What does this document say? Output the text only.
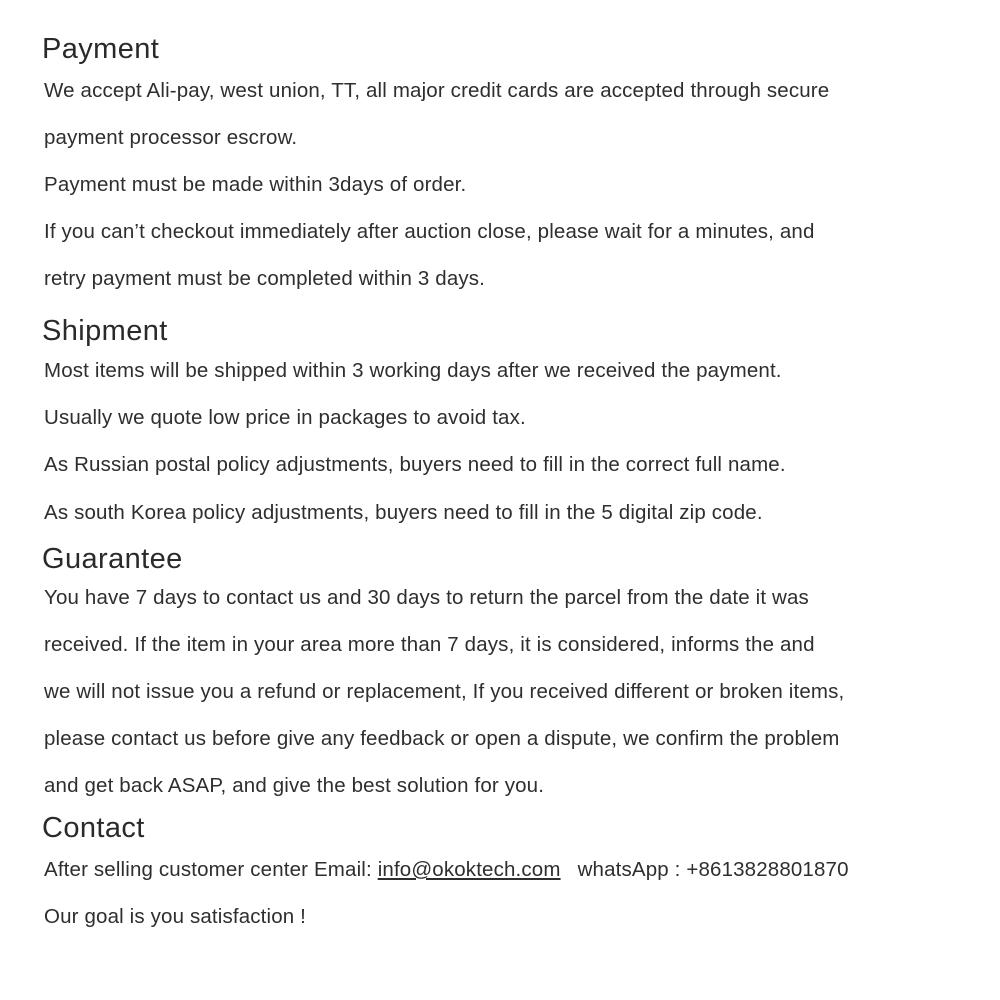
Payment

We accept Ali-pay, west union, TT, all major credit cards are accepted through secure

payment processor escrow.

Payment must be made within 3days of order.

If you can’t checkout immediately after auction close, please wait for a minutes, and

retry payment must be completed within 3 days.

Shipment

Most items will be shipped within 3 working days after we received the payment.

Usually we quote low price in packages to avoid tax.

As Russian postal policy adjustments, buyers need to fill in the correct full name.

As south Korea policy adjustments, buyers need to fill in the 5 digital zip code.

Guarantee

You have 7 days to contact us and 30 days to return the parcel from the date it was

received. If the item in your area more than 7 days, it is considered, informs the and

we will not issue you a refund or replacement, If you received different or broken items,

please contact us before give any feedback or open a dispute, we confirm the problem

and get back ASAP, and give the best solution for you.

Contact

After selling customer center Email: info@okoktech.com whatsApp : +8613828801870

Our goal is you satisfaction !
